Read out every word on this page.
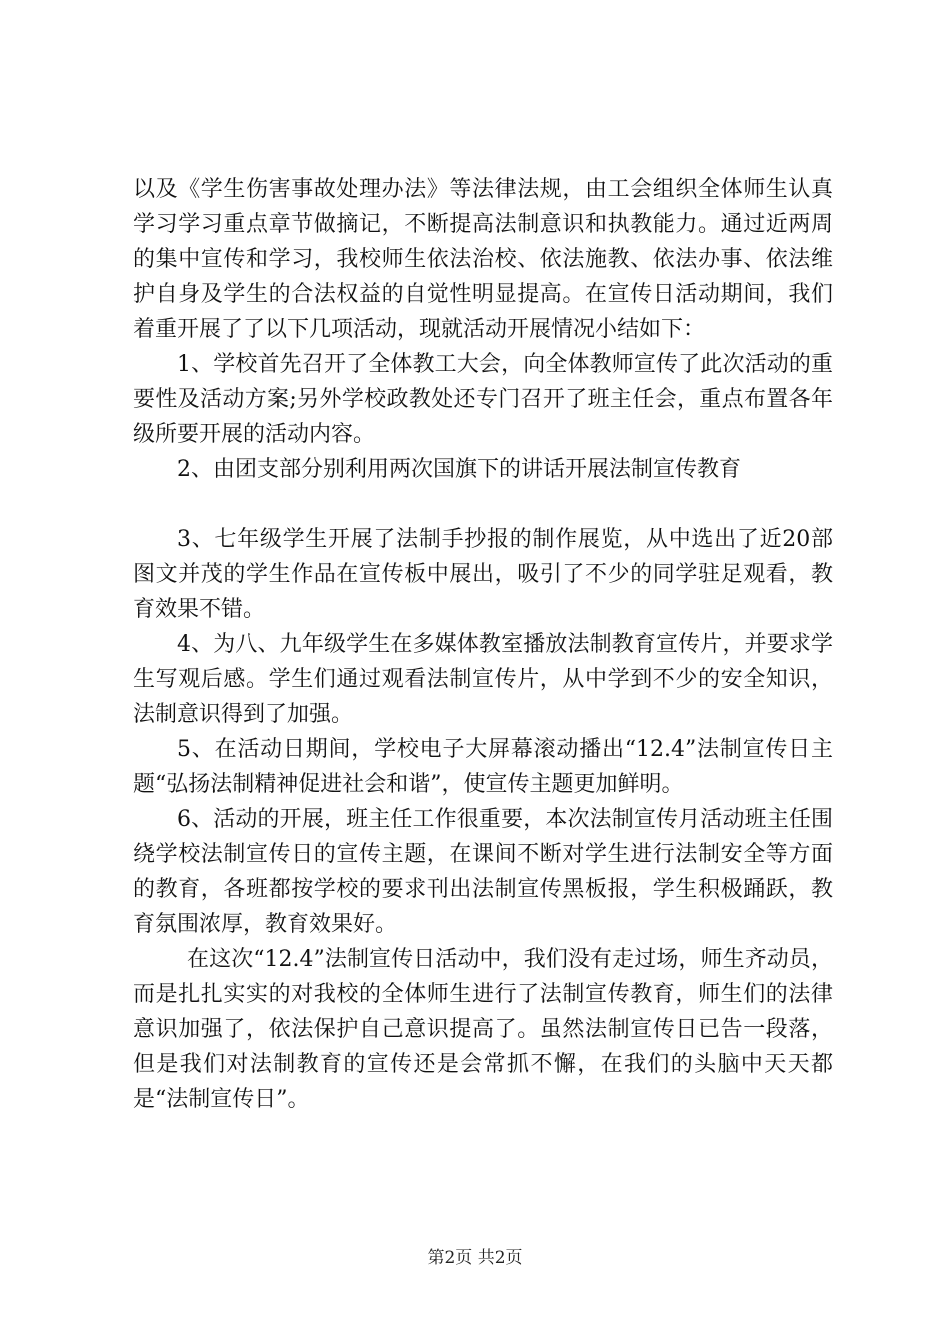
以及《学生伤害事故处理办法》等法律法规，由工会组织全体师生认真学习学习重点章节做摘记，不断提高法制意识和执教能力。通过近两周的集中宣传和学习，我校师生依法治校、依法施教、依法办事、依法维护自身及学生的合法权益的自觉性明显提高。在宣传日活动期间，我们着重开展了了以下几项活动，现就活动开展情况小结如下：

1、学校首先召开了全体教工大会，向全体教师宣传了此次活动的重要性及活动方案;另外学校政教处还专门召开了班主任会，重点布置各年级所要开展的活动内容。

2、由团支部分别利用两次国旗下的讲话开展法制宣传教育

3、七年级学生开展了法制手抄报的制作展览，从中选出了近20部图文并茂的学生作品在宣传板中展出，吸引了不少的同学驻足观看，教育效果不错。

4、为八、九年级学生在多媒体教室播放法制教育宣传片，并要求学生写观后感。学生们通过观看法制宣传片，从中学到不少的安全知识，法制意识得到了加强。

5、在活动日期间，学校电子大屏幕滚动播出“12.4”法制宣传日主题“弘扬法制精神促进社会和谐”，使宣传主题更加鲜明。

6、活动的开展，班主任工作很重要，本次法制宣传月活动班主任围绕学校法制宣传日的宣传主题，在课间不断对学生进行法制安全等方面的教育，各班都按学校的要求刊出法制宣传黑板报，学生积极踊跃，教育氛围浓厚，教育效果好。

在这次“12.4”法制宣传日活动中，我们没有走过场，师生齐动员，而是扎扎实实的对我校的全体师生进行了法制宣传教育，师生们的法律意识加强了，依法保护自己意识提高了。虽然法制宣传日已告一段落，但是我们对法制教育的宣传还是会常抓不懈，在我们的头脑中天天都是“法制宣传日”。

第2页 共2页
